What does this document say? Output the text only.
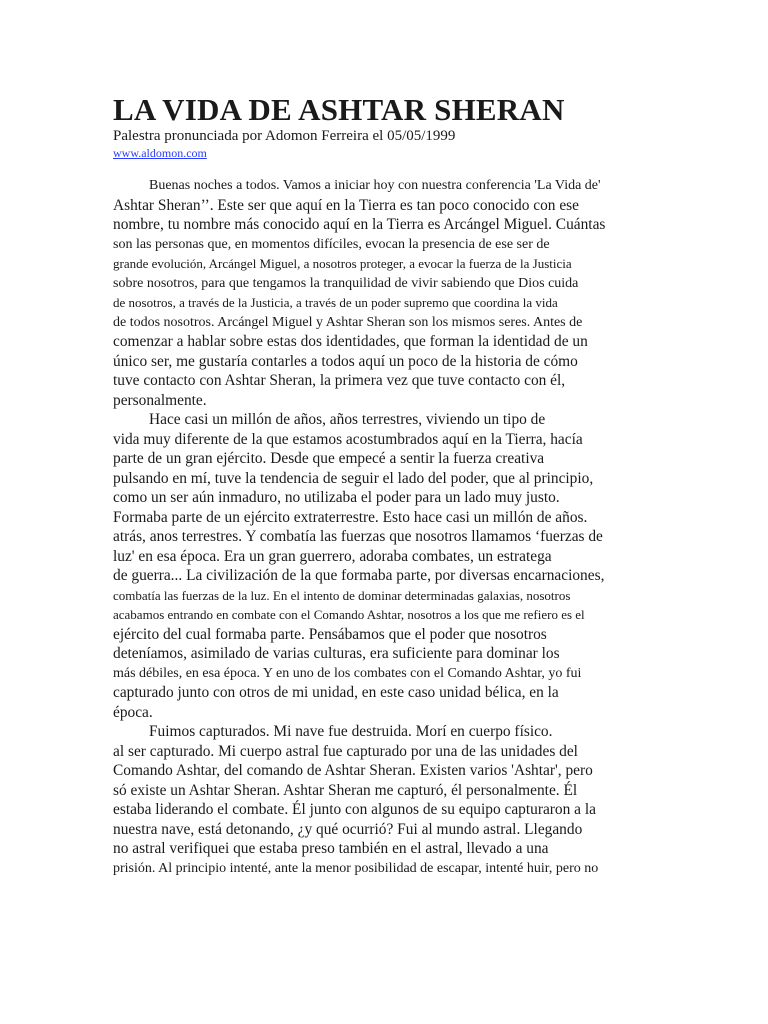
LA VIDA DE ASHTAR SHERAN

Palestra pronunciada por Adomon Ferreira el 05/05/1999

www.aldomon.com
Buenas noches a todos. Vamos a iniciar hoy con nuestra conferencia 'La Vida de'
Ashtar Sheran’’. Este ser que aquí en la Tierra es tan poco conocido con ese
nombre, tu nombre más conocido aquí en la Tierra es Arcángel Miguel. Cuántas
son las personas que, en momentos difíciles, evocan la presencia de ese ser de
grande evolución, Arcángel Miguel, a nosotros proteger, a evocar la fuerza de la Justicia
sobre nosotros, para que tengamos la tranquilidad de vivir sabiendo que Dios cuida
de nosotros, a través de la Justicia, a través de un poder supremo que coordina la vida
de todos nosotros. Arcángel Miguel y Ashtar Sheran son los mismos seres. Antes de
comenzar a hablar sobre estas dos identidades, que forman la identidad de un
único ser, me gustaría contarles a todos aquí un poco de la historia de cómo
tuve contacto con Ashtar Sheran, la primera vez que tuve contacto con él,
personalmente.
Hace casi un millón de años, años terrestres, viviendo un tipo de
vida muy diferente de la que estamos acostumbrados aquí en la Tierra, hacía
parte de un gran ejército. Desde que empecé a sentir la fuerza creativa
pulsando en mí, tuve la tendencia de seguir el lado del poder, que al principio,
como un ser aún inmaduro, no utilizaba el poder para un lado muy justo.
Formaba parte de un ejército extraterrestre. Esto hace casi un millón de años.
atrás, anos terrestres. Y combatía las fuerzas que nosotros llamamos ‘fuerzas de
luz' en esa época. Era un gran guerrero, adoraba combates, un estratega
de guerra... La civilización de la que formaba parte, por diversas encarnaciones,
combatía las fuerzas de la luz. En el intento de dominar determinadas galaxias, nosotros
acabamos entrando en combate con el Comando Ashtar, nosotros a los que me refiero es el
ejército del cual formaba parte. Pensábamos que el poder que nosotros
deteníamos, asimilado de varias culturas, era suficiente para dominar los
más débiles, en esa época. Y en uno de los combates con el Comando Ashtar, yo fui
capturado junto con otros de mi unidad, en este caso unidad bélica, en la
época.
Fuimos capturados. Mi nave fue destruida. Morí en cuerpo físico.
al ser capturado. Mi cuerpo astral fue capturado por una de las unidades del
Comando Ashtar, del comando de Ashtar Sheran. Existen varios 'Ashtar', pero
só existe un Ashtar Sheran. Ashtar Sheran me capturó, él personalmente. Él
estaba liderando el combate. Él junto con algunos de su equipo capturaron a la
nuestra nave, está detonando, ¿y qué ocurrió? Fui al mundo astral. Llegando
no astral verifiquei que estaba preso también en el astral, llevado a una
prisión. Al principio intenté, ante la menor posibilidad de escapar, intenté huir, pero no
